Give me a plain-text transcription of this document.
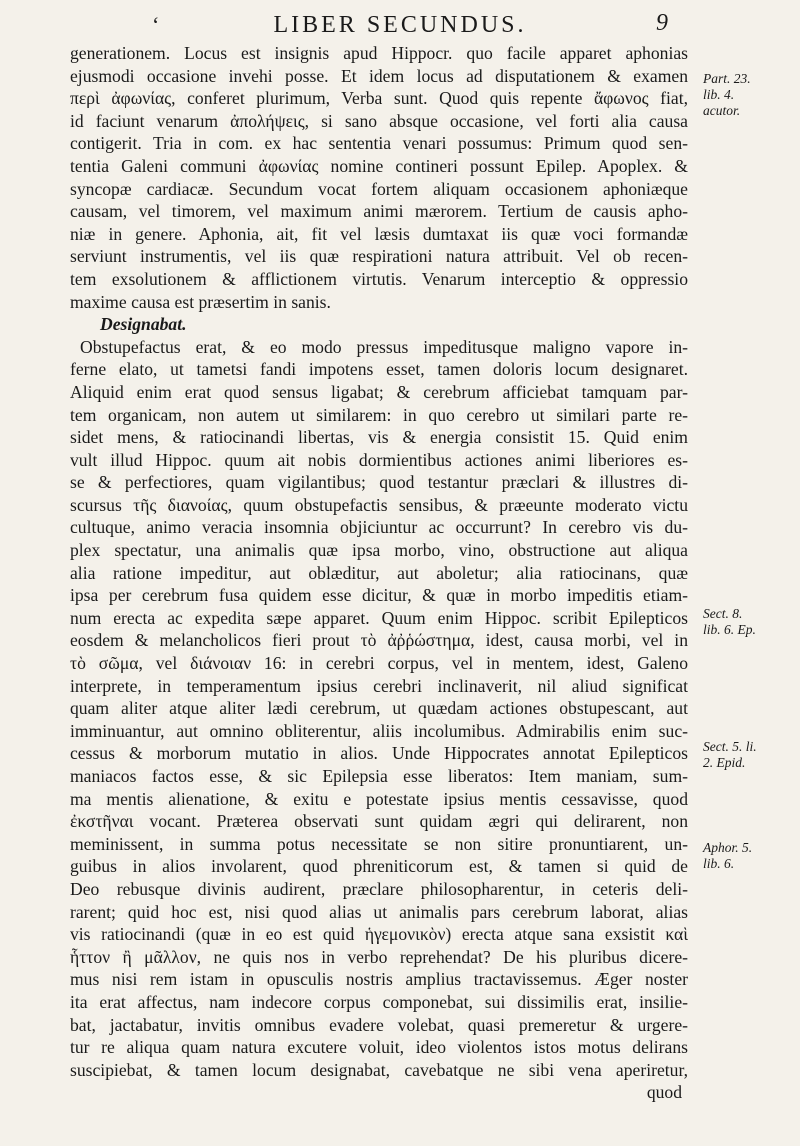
‘	LIBER SECUNDUS.	9
generationem. Locus est insignis apud Hippocr. quo facile apparet aphonias
ejusmodi occasione invehi posse. Et idem locus ad disputationem & examen
περὶ ἀφωνίας, conferet plurimum, Verba sunt. Quod quis repente ἄφωνος fiat,
id faciunt venarum ἀπολήψεις, si sano absque occasione, vel forti alia causa
contigerit. Tria in com. ex hac sententia venari possumus: Primum quod sen-
tentia Galeni communi ἀφωνίας nomine contineri possunt Epilep. Apoplex. &
syncopæ cardiacæ. Secundum vocat fortem aliquam occasionem aphoniæque
causam, vel timorem, vel maximum animi mærorem. Tertium de causis apho-
niæ in genere. Aphonia, ait, fit vel læsis dumtaxat iis quæ voci formandæ
serviunt instrumentis, vel iis quæ respirationi natura attribuit. Vel ob recen-
tem exsolutionem & afflictionem virtutis. Venarum interceptio & oppressio
maxime causa est præsertim in sanis.
Designabat.
Obstupefactus erat, & eo modo pressus impeditusque maligno vapore in-
ferne elato, ut tametsi fandi impotens esset, tamen doloris locum designaret.
Aliquid enim erat quod sensus ligabat; & cerebrum afficiebat tamquam par-
tem organicam, non autem ut similarem: in quo cerebro ut similari parte re-
sidet mens, & ratiocinandi libertas, vis & energia consistit 15. Quid enim
vult illud Hippoc. quum ait nobis dormientibus actiones animi liberiores es-
se & perfectiores, quam vigilantibus; quod testantur præclari & illustres di-
scursus τῆς διανοίας, quum obstupefactis sensibus, & præeunte moderato victu
cultuque, animo veracia insomnia objiciuntur ac occurrunt? In cerebro vis du-
plex spectatur, una animalis quæ ipsa morbo, vino, obstructione aut aliqua
alia ratione impeditur, aut oblæditur, aut aboletur; alia ratiocinans, quæ
ipsa per cerebrum fusa quidem esse dicitur, & quæ in morbo impeditis etiam-
num erecta ac expedita sæpe apparet. Quum enim Hippoc. scribit Epilepticos
eosdem & melancholicos fieri prout τὸ ἀῤῥώστημα, idest, causa morbi, vel in
τὸ σῶμα, vel διάνοιαν 16: in cerebri corpus, vel in mentem, idest, Galeno
interprete, in temperamentum ipsius cerebri inclinaverit, nil aliud significat
quam aliter atque aliter lædi cerebrum, ut quædam actiones obstupescant, aut
imminuantur, aut omnino obliterentur, aliis incolumibus. Admirabilis enim suc-
cessus & morborum mutatio in alios. Unde Hippocrates annotat Epilepticos
maniacos factos esse, & sic Epilepsia esse liberatos: Item maniam, sum-
ma mentis alienatione, & exitu e potestate ipsius mentis cessavisse, quod
ἐκστῆναι vocant. Præterea observati sunt quidam ægri qui delirarent, non
meminissent, in summa potus necessitate se non sitire pronuntiarent, un-
guibus in alios involarent, quod phreniticorum est, & tamen si quid de
Deo rebusque divinis audirent, præclare philosopharentur, in ceteris deli-
rarent; quid hoc est, nisi quod alias ut animalis pars cerebrum laborat, alias
vis ratiocinandi (quæ in eo est quid ἡγεμονικὸν) erecta atque sana exsistit καὶ
ἧττον ἢ μᾶλλον, ne quis nos in verbo reprehendat? De his pluribus dicere-
mus nisi rem istam in opusculis nostris amplius tractavissemus. Æger noster
ita erat affectus, nam indecore corpus componebat, sui dissimilis erat, insilie-
bat, jactabatur, invitis omnibus evadere volebat, quasi premeretur & urgere-
tur re aliqua quam natura excutere voluit, ideo violentos istos motus delirans
suscipiebat, & tamen locum designabat, cavebatque ne sibi vena aperiretur,
quod
Part. 23.
lib. 4.
acutor.
Sect. 8.
lib. 6. Ep.
Sect. 5. li.
2. Epid.
Aphor. 5.
lib. 6.
